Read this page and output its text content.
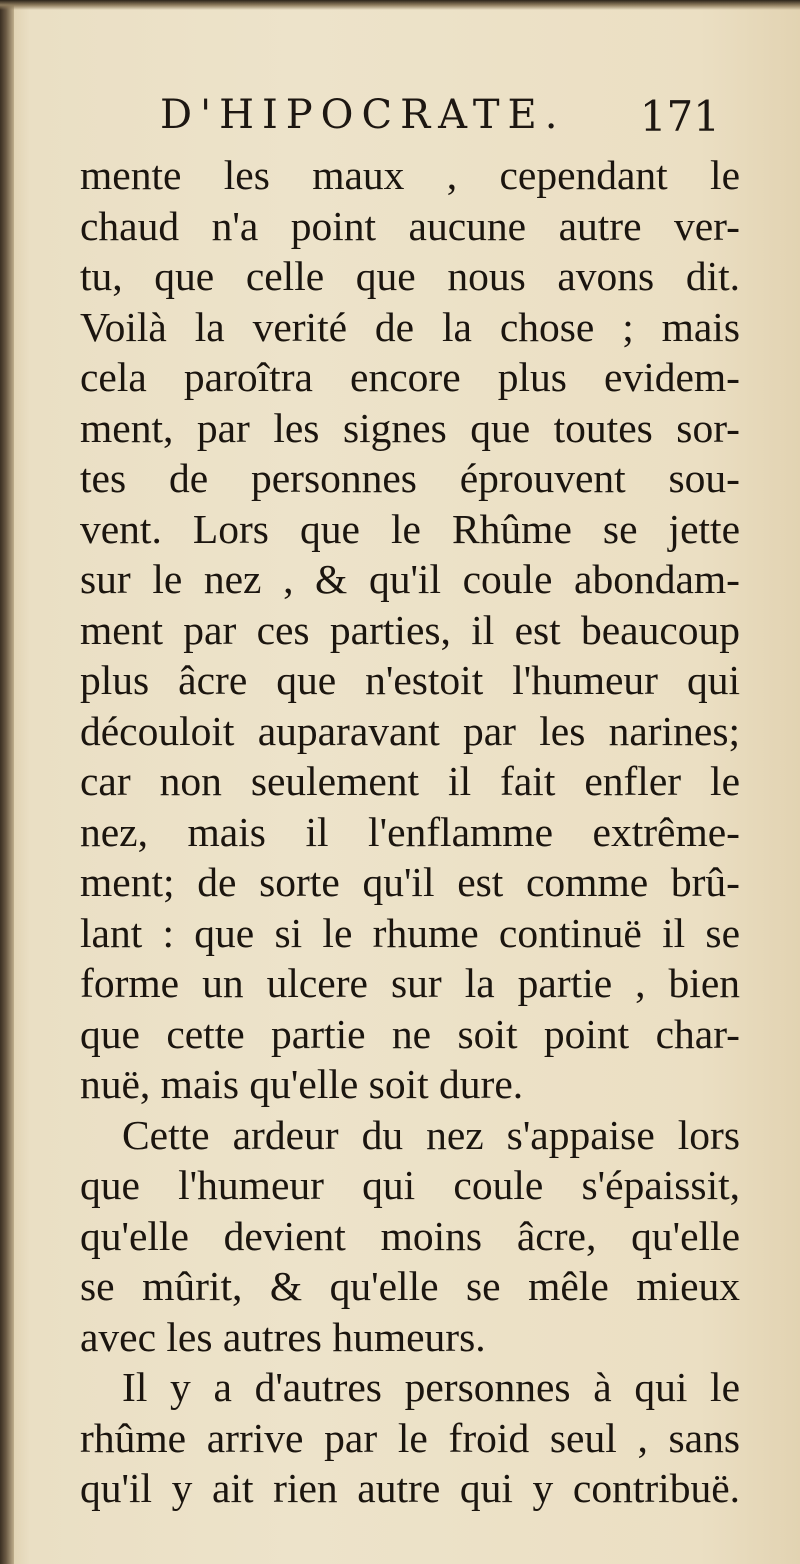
D'HIPOCRATE. 171
mente les maux , cependant le
chaud n'a point aucune autre ver-
tu, que celle que nous avons dit.
Voilà la verité de la chose ; mais
cela paroîtra encore plus evidem-
ment, par les signes que toutes sor-
tes de personnes éprouvent sou-
vent. Lors que le Rhûme se jette
sur le nez , & qu'il coule abondam-
ment par ces parties, il est beaucoup
plus âcre que n'estoit l'humeur qui
découloit auparavant par les narines;
car non seulement il fait enfler le
nez, mais il l'enflamme extrême-
ment; de sorte qu'il est comme brû-
lant : que si le rhume continuë il se
forme un ulcere sur la partie , bien
que cette partie ne soit point char-
nuë, mais qu'elle soit dure.
Cette ardeur du nez s'appaise lors
que l'humeur qui coule s'épaissit,
qu'elle devient moins âcre, qu'elle
se mûrit, & qu'elle se mêle mieux
avec les autres humeurs.
Il y a d'autres personnes à qui le
rhûme arrive par le froid seul , sans
qu'il y ait rien autre qui y contribuë.
